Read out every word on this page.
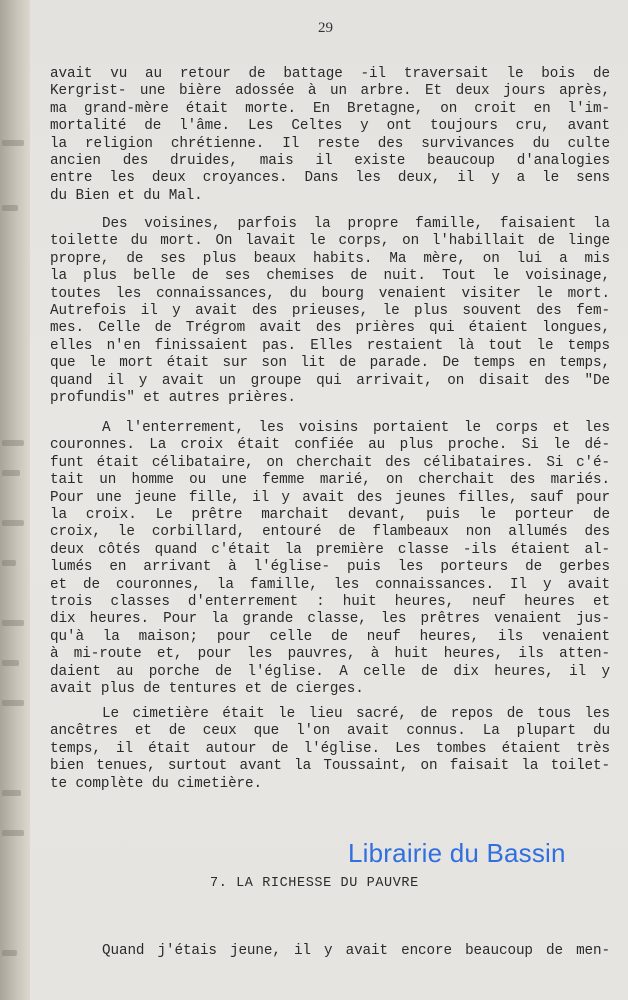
29
avait vu au retour de battage -il traversait le bois de
Kergrist- une bière adossée à un arbre. Et deux jours après,
ma grand-mère était morte. En Bretagne, on croit en l'im-
mortalité de l'âme. Les Celtes y ont toujours cru, avant
la religion chrétienne. Il reste des survivances du culte
ancien des druides, mais il existe beaucoup d'analogies
entre les deux croyances. Dans les deux, il y a le sens
du Bien et du Mal.
Des voisines, parfois la propre famille, faisaient la
toilette du mort. On lavait le corps, on l'habillait de linge
propre, de ses plus beaux habits. Ma mère, on lui a mis
la plus belle de ses chemises de nuit. Tout le voisinage,
toutes les connaissances, du bourg venaient visiter le mort.
Autrefois il y avait des prieuses, le plus souvent des fem-
mes. Celle de Trégrom avait des prières qui étaient longues,
elles n'en finissaient pas. Elles restaient là tout le temps
que le mort était sur son lit de parade. De temps en temps,
quand il y avait un groupe qui arrivait, on disait des "De
profundis" et autres prières.
A l'enterrement, les voisins portaient le corps et les
couronnes. La croix était confiée au plus proche. Si le dé-
funt était célibataire, on cherchait des célibataires. Si c'é-
tait un homme ou une femme marié, on cherchait des mariés.
Pour une jeune fille, il y avait des jeunes filles, sauf pour
la croix. Le prêtre marchait devant, puis le porteur de
croix, le corbillard, entouré de flambeaux non allumés des
deux côtés quand c'était la première classe -ils étaient al-
lumés en arrivant à l'église- puis les porteurs de gerbes
et de couronnes, la famille, les connaissances. Il y avait
trois classes d'enterrement : huit heures, neuf heures et
dix heures. Pour la grande classe, les prêtres venaient jus-
qu'à la maison; pour celle de neuf heures, ils venaient
à mi-route et, pour les pauvres, à huit heures, ils atten-
daient au porche de l'église. A celle de dix heures, il y
avait plus de tentures et de cierges.
Le cimetière était le lieu sacré, de repos de tous les
ancêtres et de ceux que l'on avait connus. La plupart du
temps, il était autour de l'église. Les tombes étaient très
bien tenues, surtout avant la Toussaint, on faisait la toilet-
te complète du cimetière.
Librairie du Bassin
7. LA RICHESSE DU PAUVRE
Quand j'étais jeune, il y avait encore beaucoup de men-
